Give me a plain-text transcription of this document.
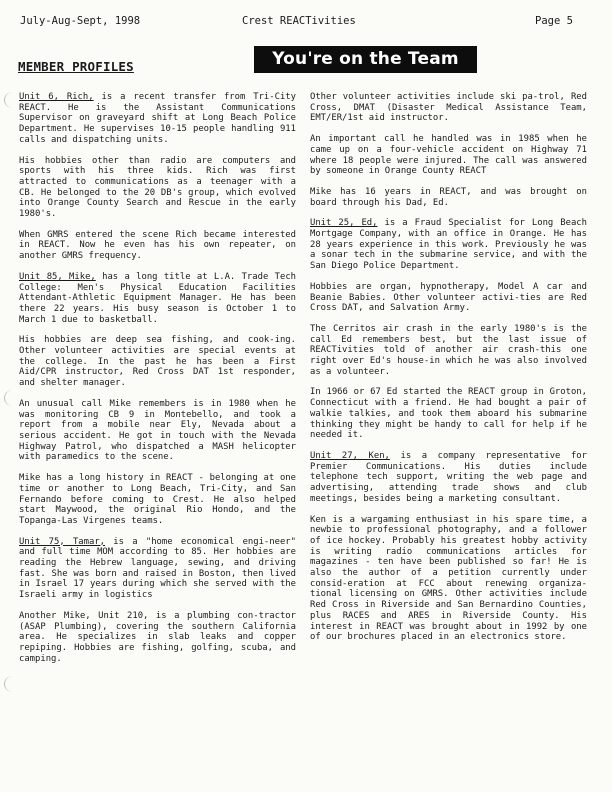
July-Aug-Sept, 1998	Crest REACTivities	Page 5
MEMBER PROFILES	You're on the Team

Unit 6, Rich, is a recent transfer from Tri-City REACT. He is the Assistant Communications Supervisor on graveyard shift at Long Beach Police Department. He supervises 10-15 people handling 911 calls and dispatching units.

His hobbies other than radio are computers and sports with his three kids. Rich was first attracted to communications as a teenager with a CB. He belonged to the 20 DB's group, which evolved into Orange County Search and Rescue in the early 1980's.

When GMRS entered the scene Rich became interested in REACT. Now he even has his own repeater, on another GMRS frequency.

Unit 85, Mike, has a long title at L.A. Trade Tech College: Men's Physical Education Facilities Attendant-Athletic Equipment Manager. He has been there 22 years. His busy season is October 1 to March 1 due to basketball.

His hobbies are deep sea fishing, and cook-ing. Other volunteer activities are special events at the college. In the past he has been a First Aid/CPR instructor, Red Cross DAT 1st responder, and shelter manager.

An unusual call Mike remembers is in 1980 when he was monitoring CB 9 in Montebello, and took a report from a mobile near Ely, Nevada about a serious accident. He got in touch with the Nevada Highway Patrol, who dispatched a MASH helicopter with paramedics to the scene.

Mike has a long history in REACT - belonging at one time or another to Long Beach, Tri-City, and San Fernando before coming to Crest. He also helped start Maywood, the original Rio Hondo, and the Topanga-Las Virgenes teams.

Unit 75, Tamar, is a "home economical engi-neer" and full time MOM according to 85. Her hobbies are reading the Hebrew language, sewing, and driving fast. She was born and raised in Boston, then lived in Israel 17 years during which she served with the Israeli army in logistics

Another Mike, Unit 210, is a plumbing con-tractor (ASAP Plumbing), covering the southern California area. He specializes in slab leaks and copper repiping. Hobbies are fishing, golfing, scuba, and camping.

Other volunteer activities include ski pa-trol, Red Cross, DMAT (Disaster Medical Assistance Team, EMT/ER/1st aid instructor.

An important call he handled was in 1985 when he came up on a four-vehicle accident on Highway 71 where 18 people were injured. The call was answered by someone in Orange County REACT

Mike has 16 years in REACT, and was brought on board through his Dad, Ed.

Unit 25, Ed, is a Fraud Specialist for Long Beach Mortgage Company, with an office in Orange. He has 28 years experience in this work. Previously he was a sonar tech in the submarine service, and with the San Diego Police Department.

Hobbies are organ, hypnotherapy, Model A car and Beanie Babies. Other volunteer activi-ties are Red Cross DAT, and Salvation Army.

The Cerritos air crash in the early 1980's is the call Ed remembers best, but the last issue of REACTivities told of another air crash-this one right over Ed's house-in which he was also involved as a volunteer.

In 1966 or 67 Ed started the REACT group in Groton, Connecticut with a friend. He had bought a pair of walkie talkies, and took them aboard his submarine thinking they might be handy to call for help if he needed it.

Unit 27, Ken, is a company representative for Premier Communications. His duties include telephone tech support, writing the web page and advertising, attending trade shows and club meetings, besides being a marketing consultant.

Ken is a wargaming enthusiast in his spare time, a newbie to professional photography, and a follower of ice hockey. Probably his greatest hobby activity is writing radio communications articles for magazines - ten have been published so far! He is also the author of a petition currently under consid-eration at FCC about renewing organiza-tional licensing on GMRS. Other activities include Red Cross in Riverside and San Bernardino Counties, plus RACES and ARES in Riverside County. His interest in REACT was brought about in 1992 by one of our brochures placed in an electronics store.
